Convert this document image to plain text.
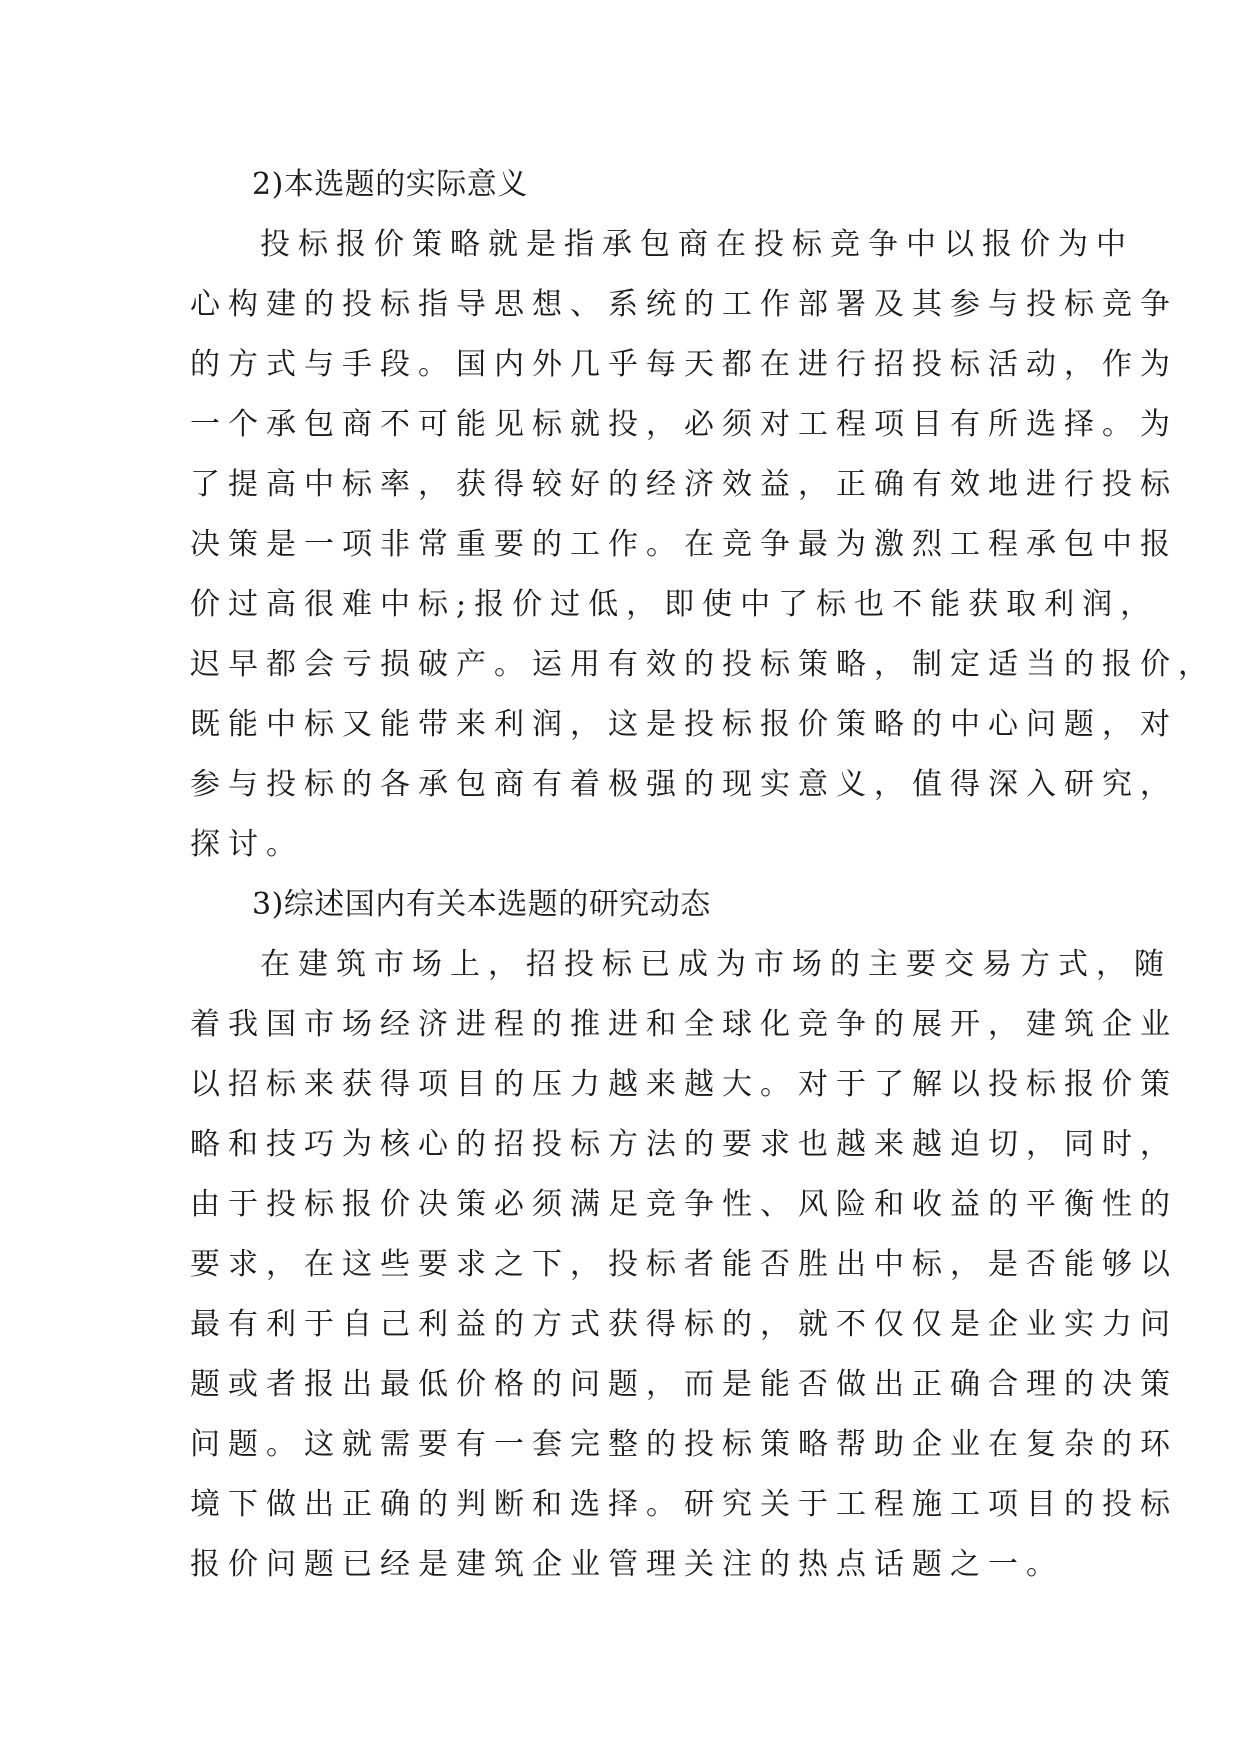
2)本选题的实际意义
投标报价策略就是指承包商在投标竞争中以报价为中
心构建的投标指导思想、系统的工作部署及其参与投标竞争
的方式与手段。国内外几乎每天都在进行招投标活动，作为
一个承包商不可能见标就投，必须对工程项目有所选择。为
了提高中标率，获得较好的经济效益，正确有效地进行投标
决策是一项非常重要的工作。在竞争最为激烈工程承包中报
价过高很难中标;报价过低，即使中了标也不能获取利润，
迟早都会亏损破产。运用有效的投标策略，制定适当的报价，
既能中标又能带来利润，这是投标报价策略的中心问题，对
参与投标的各承包商有着极强的现实意义，值得深入研究，
探讨。
3)综述国内有关本选题的研究动态
在建筑市场上，招投标已成为市场的主要交易方式，随
着我国市场经济进程的推进和全球化竞争的展开，建筑企业
以招标来获得项目的压力越来越大。对于了解以投标报价策
略和技巧为核心的招投标方法的要求也越来越迫切，同时，
由于投标报价决策必须满足竞争性、风险和收益的平衡性的
要求，在这些要求之下，投标者能否胜出中标，是否能够以
最有利于自己利益的方式获得标的，就不仅仅是企业实力问
题或者报出最低价格的问题，而是能否做出正确合理的决策
问题。这就需要有一套完整的投标策略帮助企业在复杂的环
境下做出正确的判断和选择。研究关于工程施工项目的投标
报价问题已经是建筑企业管理关注的热点话题之一。
